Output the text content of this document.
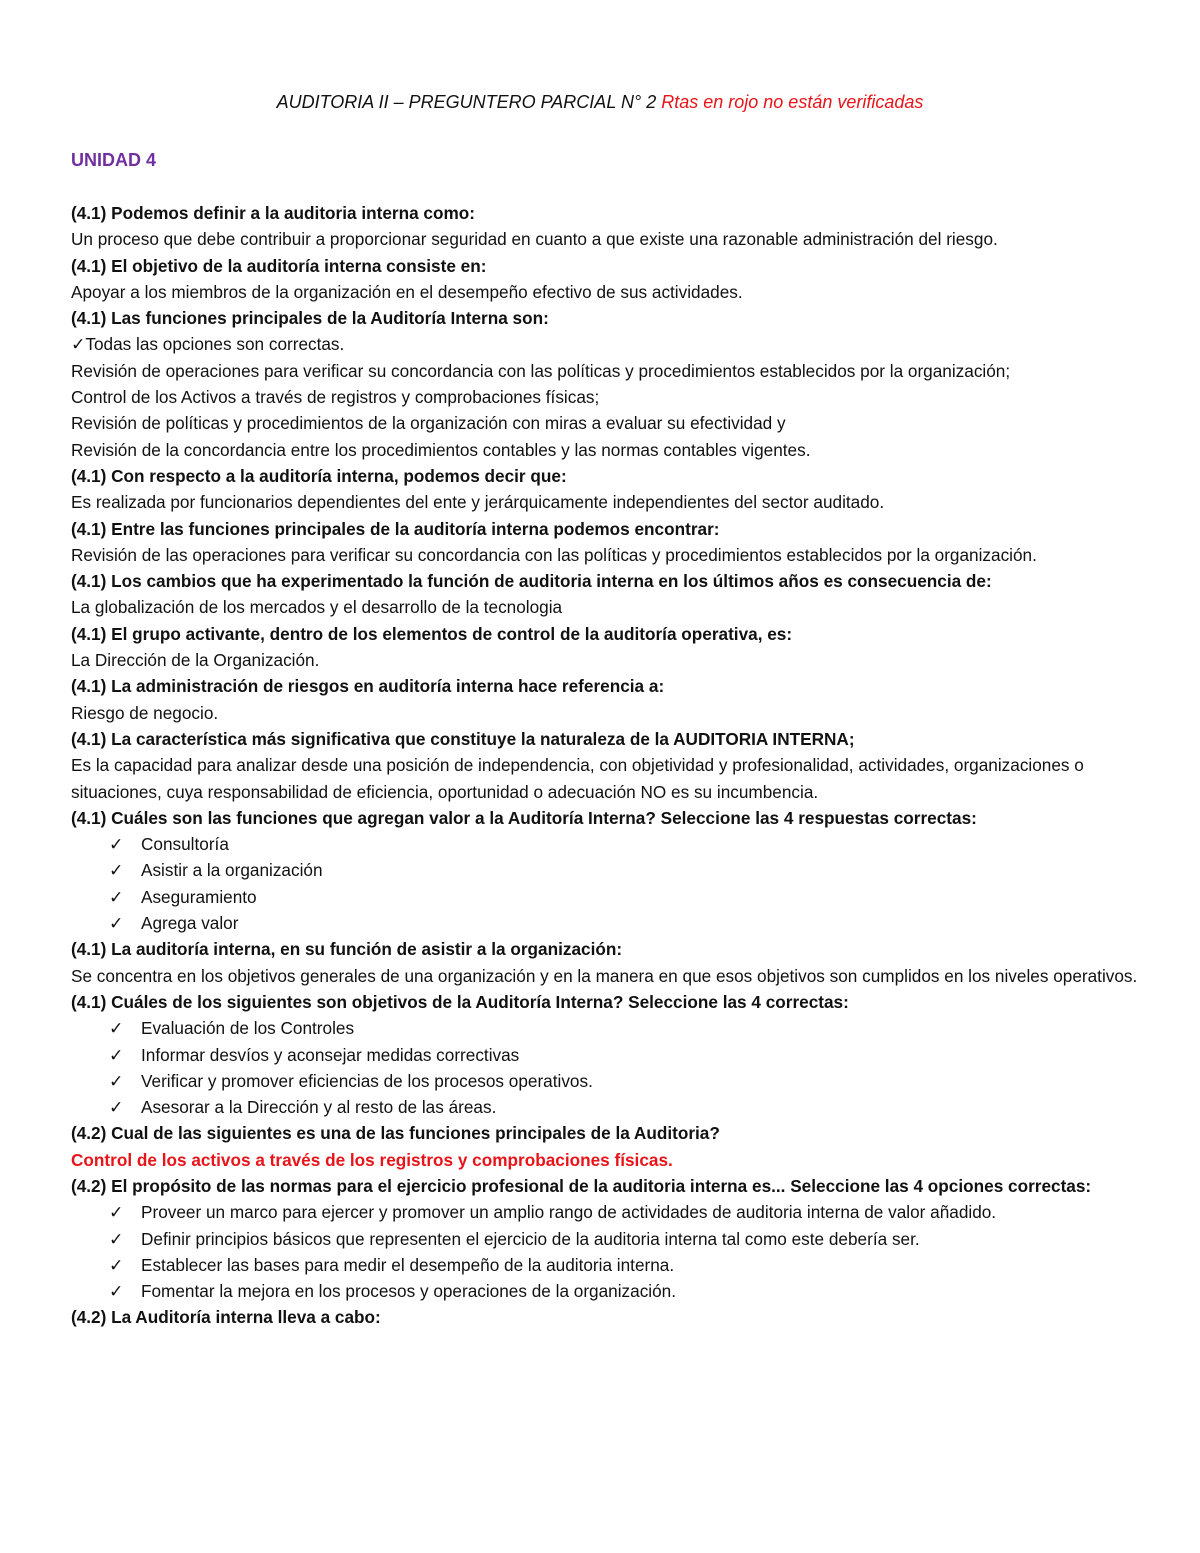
AUDITORIA II – PREGUNTERO PARCIAL N° 2 Rtas en rojo no están verificadas
UNIDAD 4
(4.1) Podemos definir a la auditoria interna como:
Un proceso que debe contribuir a proporcionar seguridad en cuanto a que existe una razonable administración del riesgo.
(4.1) El objetivo de la auditoría interna consiste en:
Apoyar a los miembros de la organización en el desempeño efectivo de sus actividades.
(4.1) Las funciones principales de la Auditoría Interna son:
✓Todas las opciones son correctas.
Revisión de operaciones para verificar su concordancia con las políticas y procedimientos establecidos por la organización;
Control de los Activos a través de registros y comprobaciones físicas;
Revisión de políticas y procedimientos de la organización con miras a evaluar su efectividad y
Revisión de la concordancia entre los procedimientos contables y las normas contables vigentes.
(4.1) Con respecto a la auditoría interna, podemos decir que:
Es realizada por funcionarios dependientes del ente y jerárquicamente independientes del sector auditado.
(4.1) Entre las funciones principales de la auditoría interna podemos encontrar:
Revisión de las operaciones para verificar su concordancia con las políticas y procedimientos establecidos por la organización.
(4.1) Los cambios que ha experimentado la función de auditoria interna en los últimos años es consecuencia de:
La globalización de los mercados y el desarrollo de la tecnologia
(4.1) El grupo activante, dentro de los elementos de control de la auditoría operativa, es:
La Dirección de la Organización.
(4.1) La administración de riesgos en auditoría interna hace referencia a:
Riesgo de negocio.
(4.1) La característica más significativa que constituye la naturaleza de la AUDITORIA INTERNA;
Es la capacidad para analizar desde una posición de independencia, con objetividad y profesionalidad, actividades, organizaciones o situaciones, cuya responsabilidad de eficiencia, oportunidad o adecuación NO es su incumbencia.
(4.1) Cuáles son las funciones que agregan valor a la Auditoría Interna? Seleccione las 4 respuestas correctas:
✓	Consultoría
✓	Asistir a la organización
✓	Aseguramiento
✓	Agrega valor
(4.1) La auditoría interna, en su función de asistir a la organización:
Se concentra en los objetivos generales de una organización y en la manera en que esos objetivos son cumplidos en los niveles operativos.
(4.1) Cuáles de los siguientes son objetivos de la Auditoría Interna? Seleccione las 4 correctas:
✓	Evaluación de los Controles
✓	Informar desvíos y aconsejar medidas correctivas
✓	Verificar y promover eficiencias de los procesos operativos.
✓	Asesorar a la Dirección y al resto de las áreas.
(4.2) Cual de las siguientes es una de las funciones principales de la Auditoria?
Control de los activos a través de los registros y comprobaciones físicas.
(4.2) El propósito de las normas para el ejercicio profesional de la auditoria interna es... Seleccione las 4 opciones correctas:
✓	Proveer un marco para ejercer y promover un amplio rango de actividades de auditoria interna de valor añadido.
✓	Definir principios básicos que representen el ejercicio de la auditoria interna tal como este debería ser.
✓	Establecer las bases para medir el desempeño de la auditoria interna.
✓	Fomentar la mejora en los procesos y operaciones de la organización.
(4.2) La Auditoría interna lleva a cabo:
